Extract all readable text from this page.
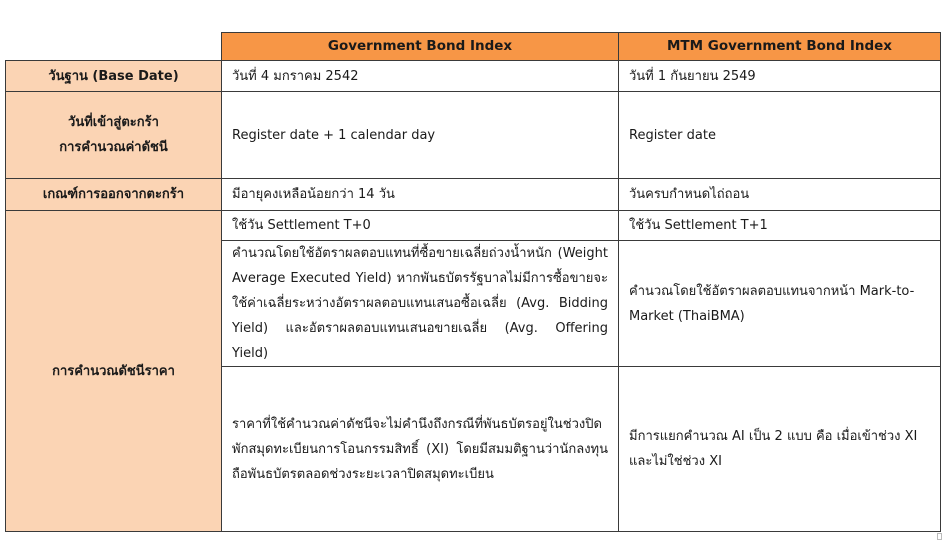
	Government Bond Index	MTM Government Bond Index
วันฐาน (Base Date)	วันที่ 4 มกราคม 2542	วันที่ 1 กันยายน 2549

วันที่เข้าสู่ตะกร้า
การคำนวณค่าดัชนี	Register date + 1 calendar day	Register date
เกณฑ์การออกจากตะกร้า	มีอายุคงเหลือน้อยกว่า 14 วัน	วันครบกำหนดไถ่ถอน
การคำนวณดัชนีราคา	ใช้วัน Settlement T+0	ใช้วัน Settlement T+1
	คำนวณโดยใช้อัตราผลตอบแทนที่ซื้อขายเฉลี่ยถ่วงน้ำหนัก (Weight Average Executed Yield) หากพันธบัตรรัฐบาลไม่มีการซื้อขายจะใช้ค่าเฉลี่ยระหว่างอัตราผลตอบแทนเสนอซื้อเฉลี่ย (Avg. Bidding Yield) และอัตราผลตอบแทนเสนอขายเฉลี่ย (Avg. Offering Yield)	คำนวณโดยใช้อัตราผลตอบแทนจากหน้า Mark-to-Market (ThaiBMA)
	ราคาที่ใช้คำนวณค่าดัชนีจะไม่คำนึงถึงกรณีที่พันธบัตรอยู่ในช่วงปิดพักสมุดทะเบียนการโอนกรรมสิทธิ์ (XI) โดยมีสมมติฐานว่านักลงทุนถือพันธบัตรตลอดช่วงระยะเวลาปิดสมุดทะเบียน	มีการแยกคำนวณ AI เป็น 2 แบบ คือ เมื่อเข้าช่วง XI และไม่ใช่ช่วง XI
